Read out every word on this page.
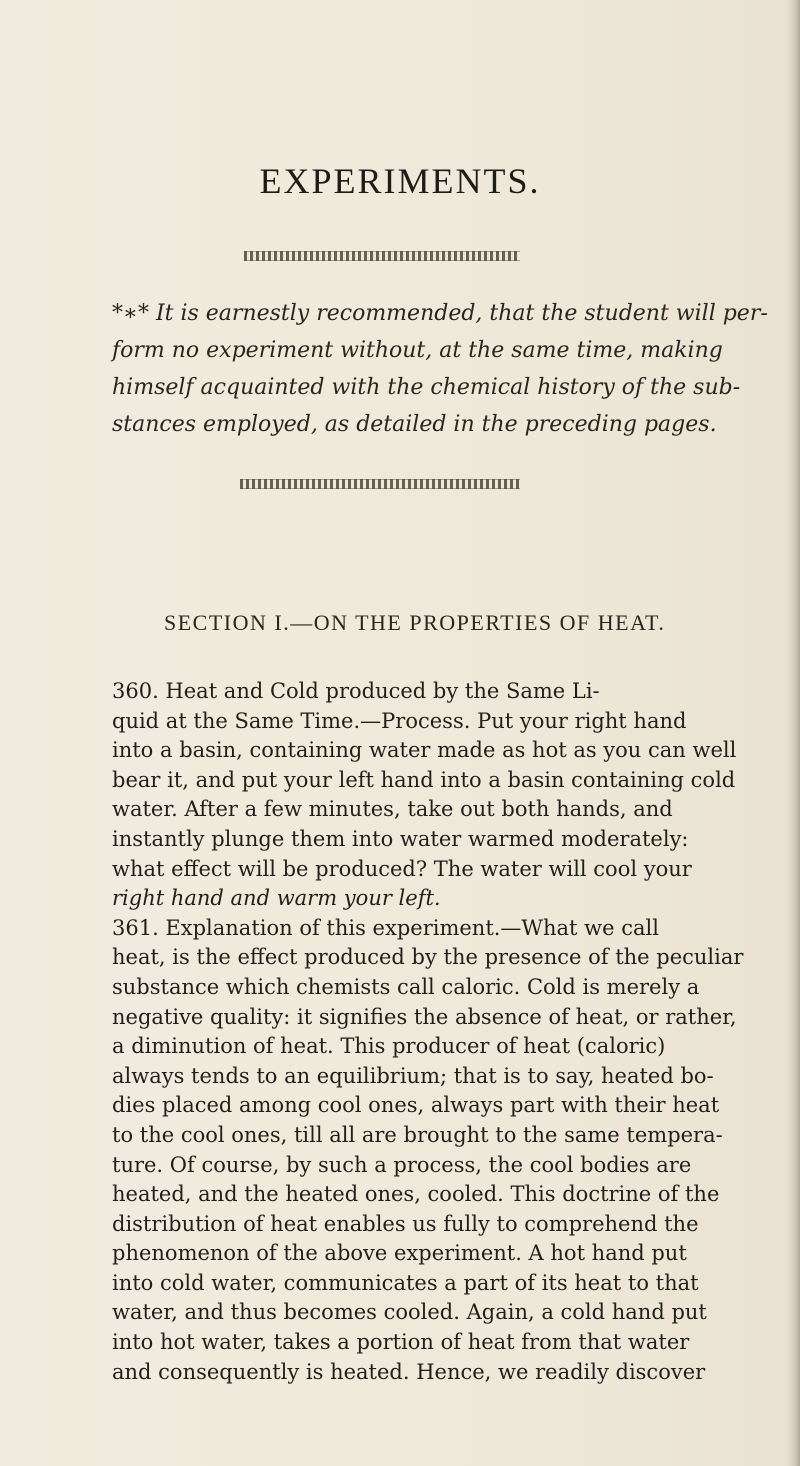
EXPERIMENTS.
*∗* It is earnestly recommended, that the student will per-
form no experiment without, at the same time, making
himself acquainted with the chemical history of the sub-
stances employed, as detailed in the preceding pages.
SECTION I.—ON THE PROPERTIES OF HEAT.
360. Heat and Cold produced by the Same Li-
quid at the Same Time.—Process. Put your right hand
into a basin, containing water made as hot as you can well
bear it, and put your left hand into a basin containing cold
water. After a few minutes, take out both hands, and
instantly plunge them into water warmed moderately:
what effect will be produced? The water will cool your
right hand and warm your left.
361. Explanation of this experiment.—What we call
heat, is the effect produced by the presence of the peculiar
substance which chemists call caloric. Cold is merely a
negative quality: it signifies the absence of heat, or rather,
a diminution of heat. This producer of heat (caloric)
always tends to an equilibrium; that is to say, heated bo-
dies placed among cool ones, always part with their heat
to the cool ones, till all are brought to the same tempera-
ture. Of course, by such a process, the cool bodies are
heated, and the heated ones, cooled. This doctrine of the
distribution of heat enables us fully to comprehend the
phenomenon of the above experiment. A hot hand put
into cold water, communicates a part of its heat to that
water, and thus becomes cooled. Again, a cold hand put
into hot water, takes a portion of heat from that water
and consequently is heated. Hence, we readily discover
